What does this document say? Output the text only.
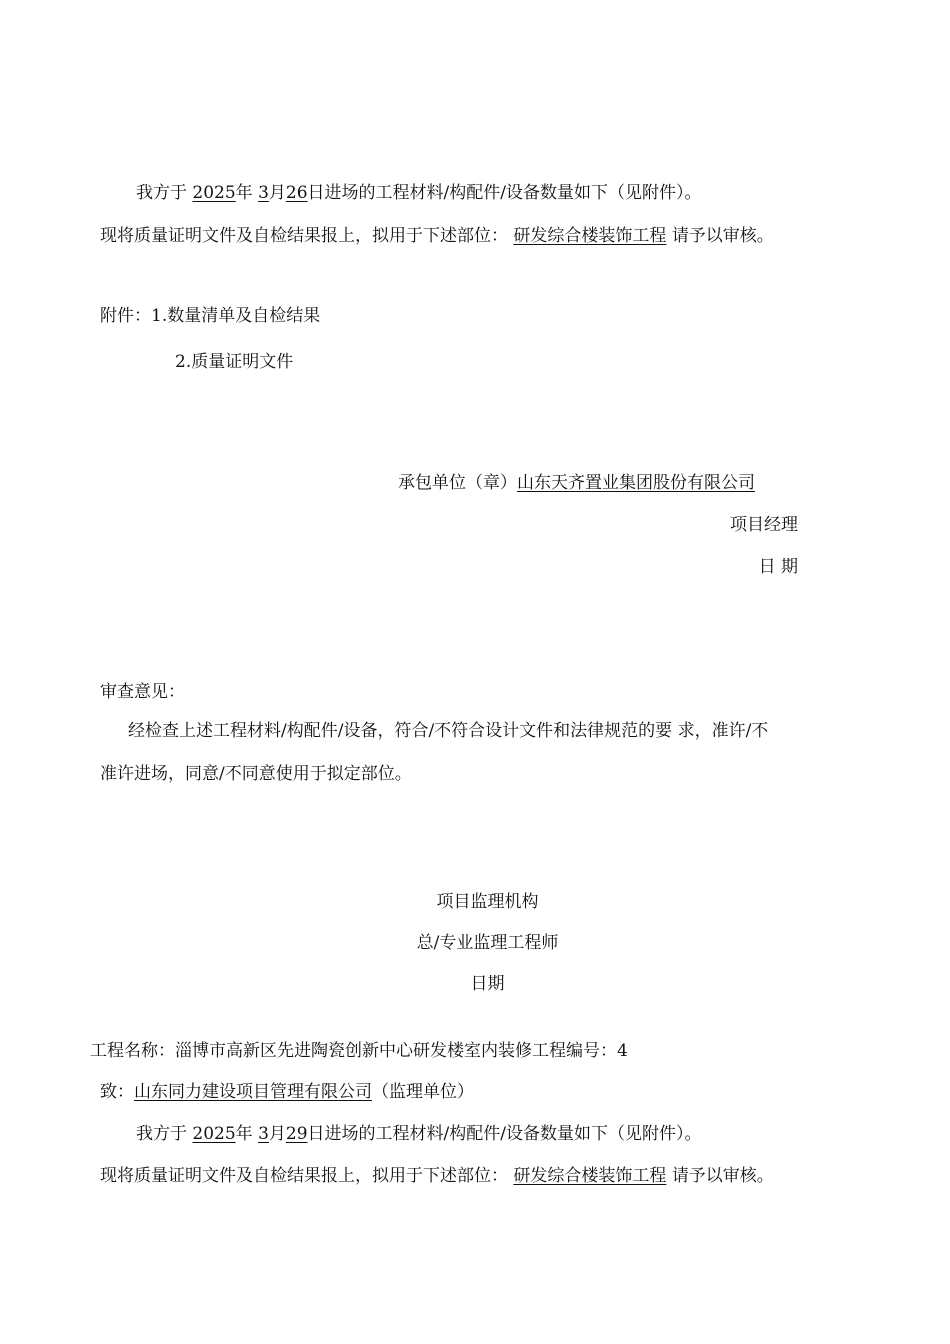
我方于 2025年 3月26日进场的工程材料/构配件/设备数量如下（见附件）。
现将质量证明文件及自检结果报上，拟用于下述部位： 研发综合楼装饰工程 请予以审核。
附件：1.数量清单及自检结果
2.质量证明文件
承包单位（章）山东天齐置业集团股份有限公司
项目经理
日 期
审查意见：
经检查上述工程材料/构配件/设备，符合/不符合设计文件和法律规范的要 求，准许/不
准许进场，同意/不同意使用于拟定部位。
项目监理机构
总/专业监理工程师
日期
工程名称：淄博市高新区先进陶瓷创新中心研发楼室内装修工程编号：4
致：山东同力建设项目管理有限公司（监理单位）
我方于 2025年 3月29日进场的工程材料/构配件/设备数量如下（见附件）。
现将质量证明文件及自检结果报上，拟用于下述部位： 研发综合楼装饰工程 请予以审核。
